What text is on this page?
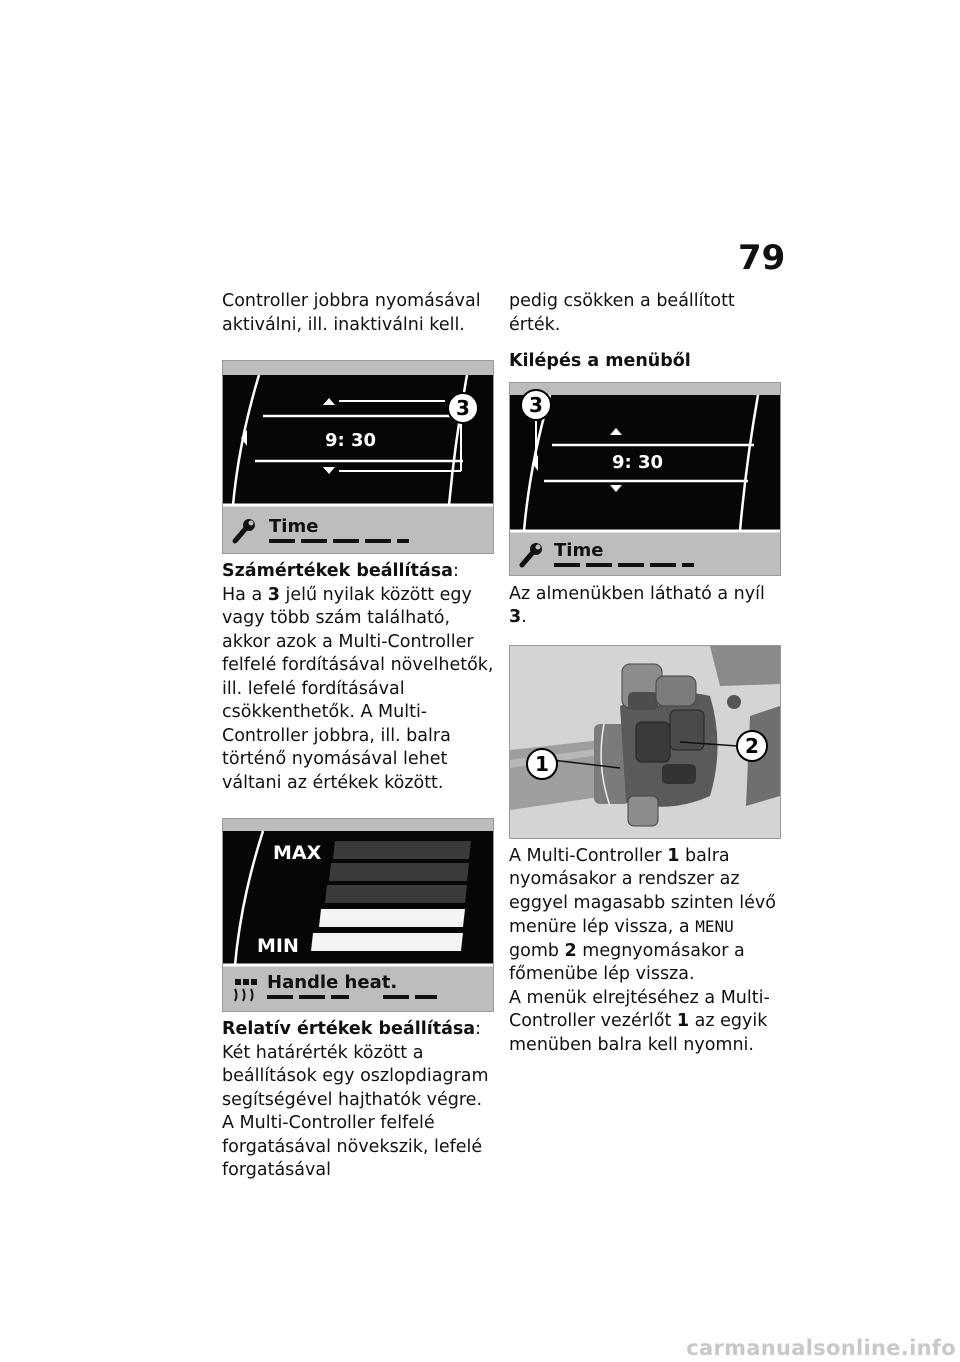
79

Controller jobbra nyomásával aktiválni, ill. inaktiválni kell.

9: 30
3
Time

Számértékek beállítása:
Ha a 3 jelű nyilak között egy vagy több szám található, akkor azok a Multi-Controller felfelé fordításával növelhetők, ill. lefelé fordításával csökkenthetők. A Multi-Controller jobbra, ill. balra történő nyomásával lehet váltani az értékek között.

MAX
MIN
Handle heat.

Relatív értékek beállítása:
Két határérték között a beállítások egy oszlopdiagram segítségével hajthatók végre. A Multi-Controller felfelé forgatásával növekszik, lefelé forgatásával

pedig csökken a beállított érték.

Kilépés a menüből

9: 30
3
Time

Az almenükben látható a nyíl 3.

1
2

A Multi-Controller 1 balra nyomásakor a rendszer az eggyel magasabb szinten lévő menüre lép vissza, a MENU gomb 2 megnyomásakor a főmenübe lép vissza.

A menük elrejtéséhez a Multi-Controller vezérlőt 1 az egyik menüben balra kell nyomni.

carmanualsonline.info
